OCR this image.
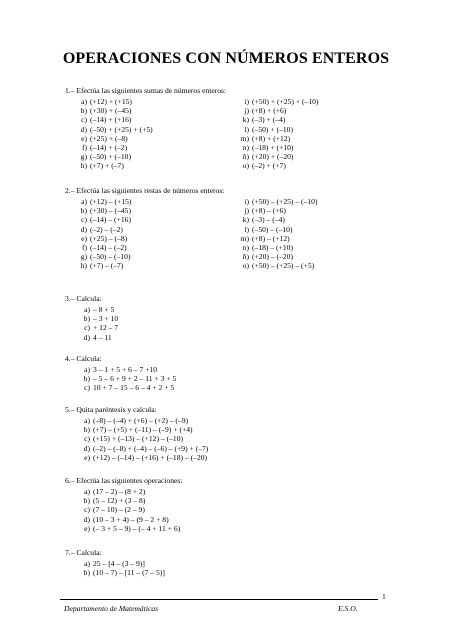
OPERACIONES CON NÚMEROS ENTEROS

1.– Efectúa las siguientes sumas de números enteros:

a) (+12) + (+15)	i) (+50) + (+25) + (–10)
b) (+30) + (–45)	j) (+8) + (+6)
c) (–14) + (+16)	k) (–3) + (–4)
d) (–50) + (+25) + (+5)	l) (–50) + (–10)
e) (+25) + (–8)	m) (+8) + (+12)
f) (–14) + (–2)	n) (–18) + (+10)
g) (–50) + (–10)	ñ) (+20) + (–20)
h) (+7) + (–7)	o) (–2) + (+7)

2.– Efectúa las siguientes restas de números enteros:

a) (+12) – (+15)	i) (+50) – (+25) – (–10)
b) (+30) – (–45)	j) (+8) – (+6)
c) (–14) – (+16)	k) (–3) – (–4)
d) (–2) – (–2)	l) (–50) – (–10)
e) (+25) – (–8)	m) (+8) – (+12)
f) (–14) – (–2)	n) (–18) – (+10)
g) (–50) – (–10)	ñ) (+20) – (–20)
h) (+7) – (–7)	o) (+50) – (+25) – (+5)

3.– Calcula:

a) – 8 + 5
b) – 3 + 10
c) + 12 – 7
d) 4 – 11

4.– Calcula:

a) 3 – 1 + 5 + 6 – 7 +10
b) – 5 – 6 + 9 + 2 – 11 + 3 + 5
c) 10 + 7 – 15 – 6 – 4 + 2 + 5

5.– Quita paréntesis y calcula:

a) (–8) – (–4) + (+6) – (+2) – (–9)
b) (+7) – (+5) + (–11) – (–9) + (+4)
c) (+15) + (–13) – (+12) – (–10)
d) (–2) – (–8) + (–4) – (–6) – (+9) + (–7)
e) (+12) – (–14) – (+16) + (–18) – (–20)

6.– Efectúa las siguientes operaciones:

a) (17 – 2) – (8 + 2)
b) (5 – 12) + (3 – 8)
c) (7 – 10) – (2 – 9)
d) (10 – 3 + 4) – (9 – 2 + 8)
e) (– 3 + 5 – 9) – (– 4 + 11 + 6)

7.– Calcula:

a) 25 – [4 – (3 – 9)]
b) (10 – 7) – [11 – (7 – 5)]
1
Departamento de Matemáticas	E.S.O.
